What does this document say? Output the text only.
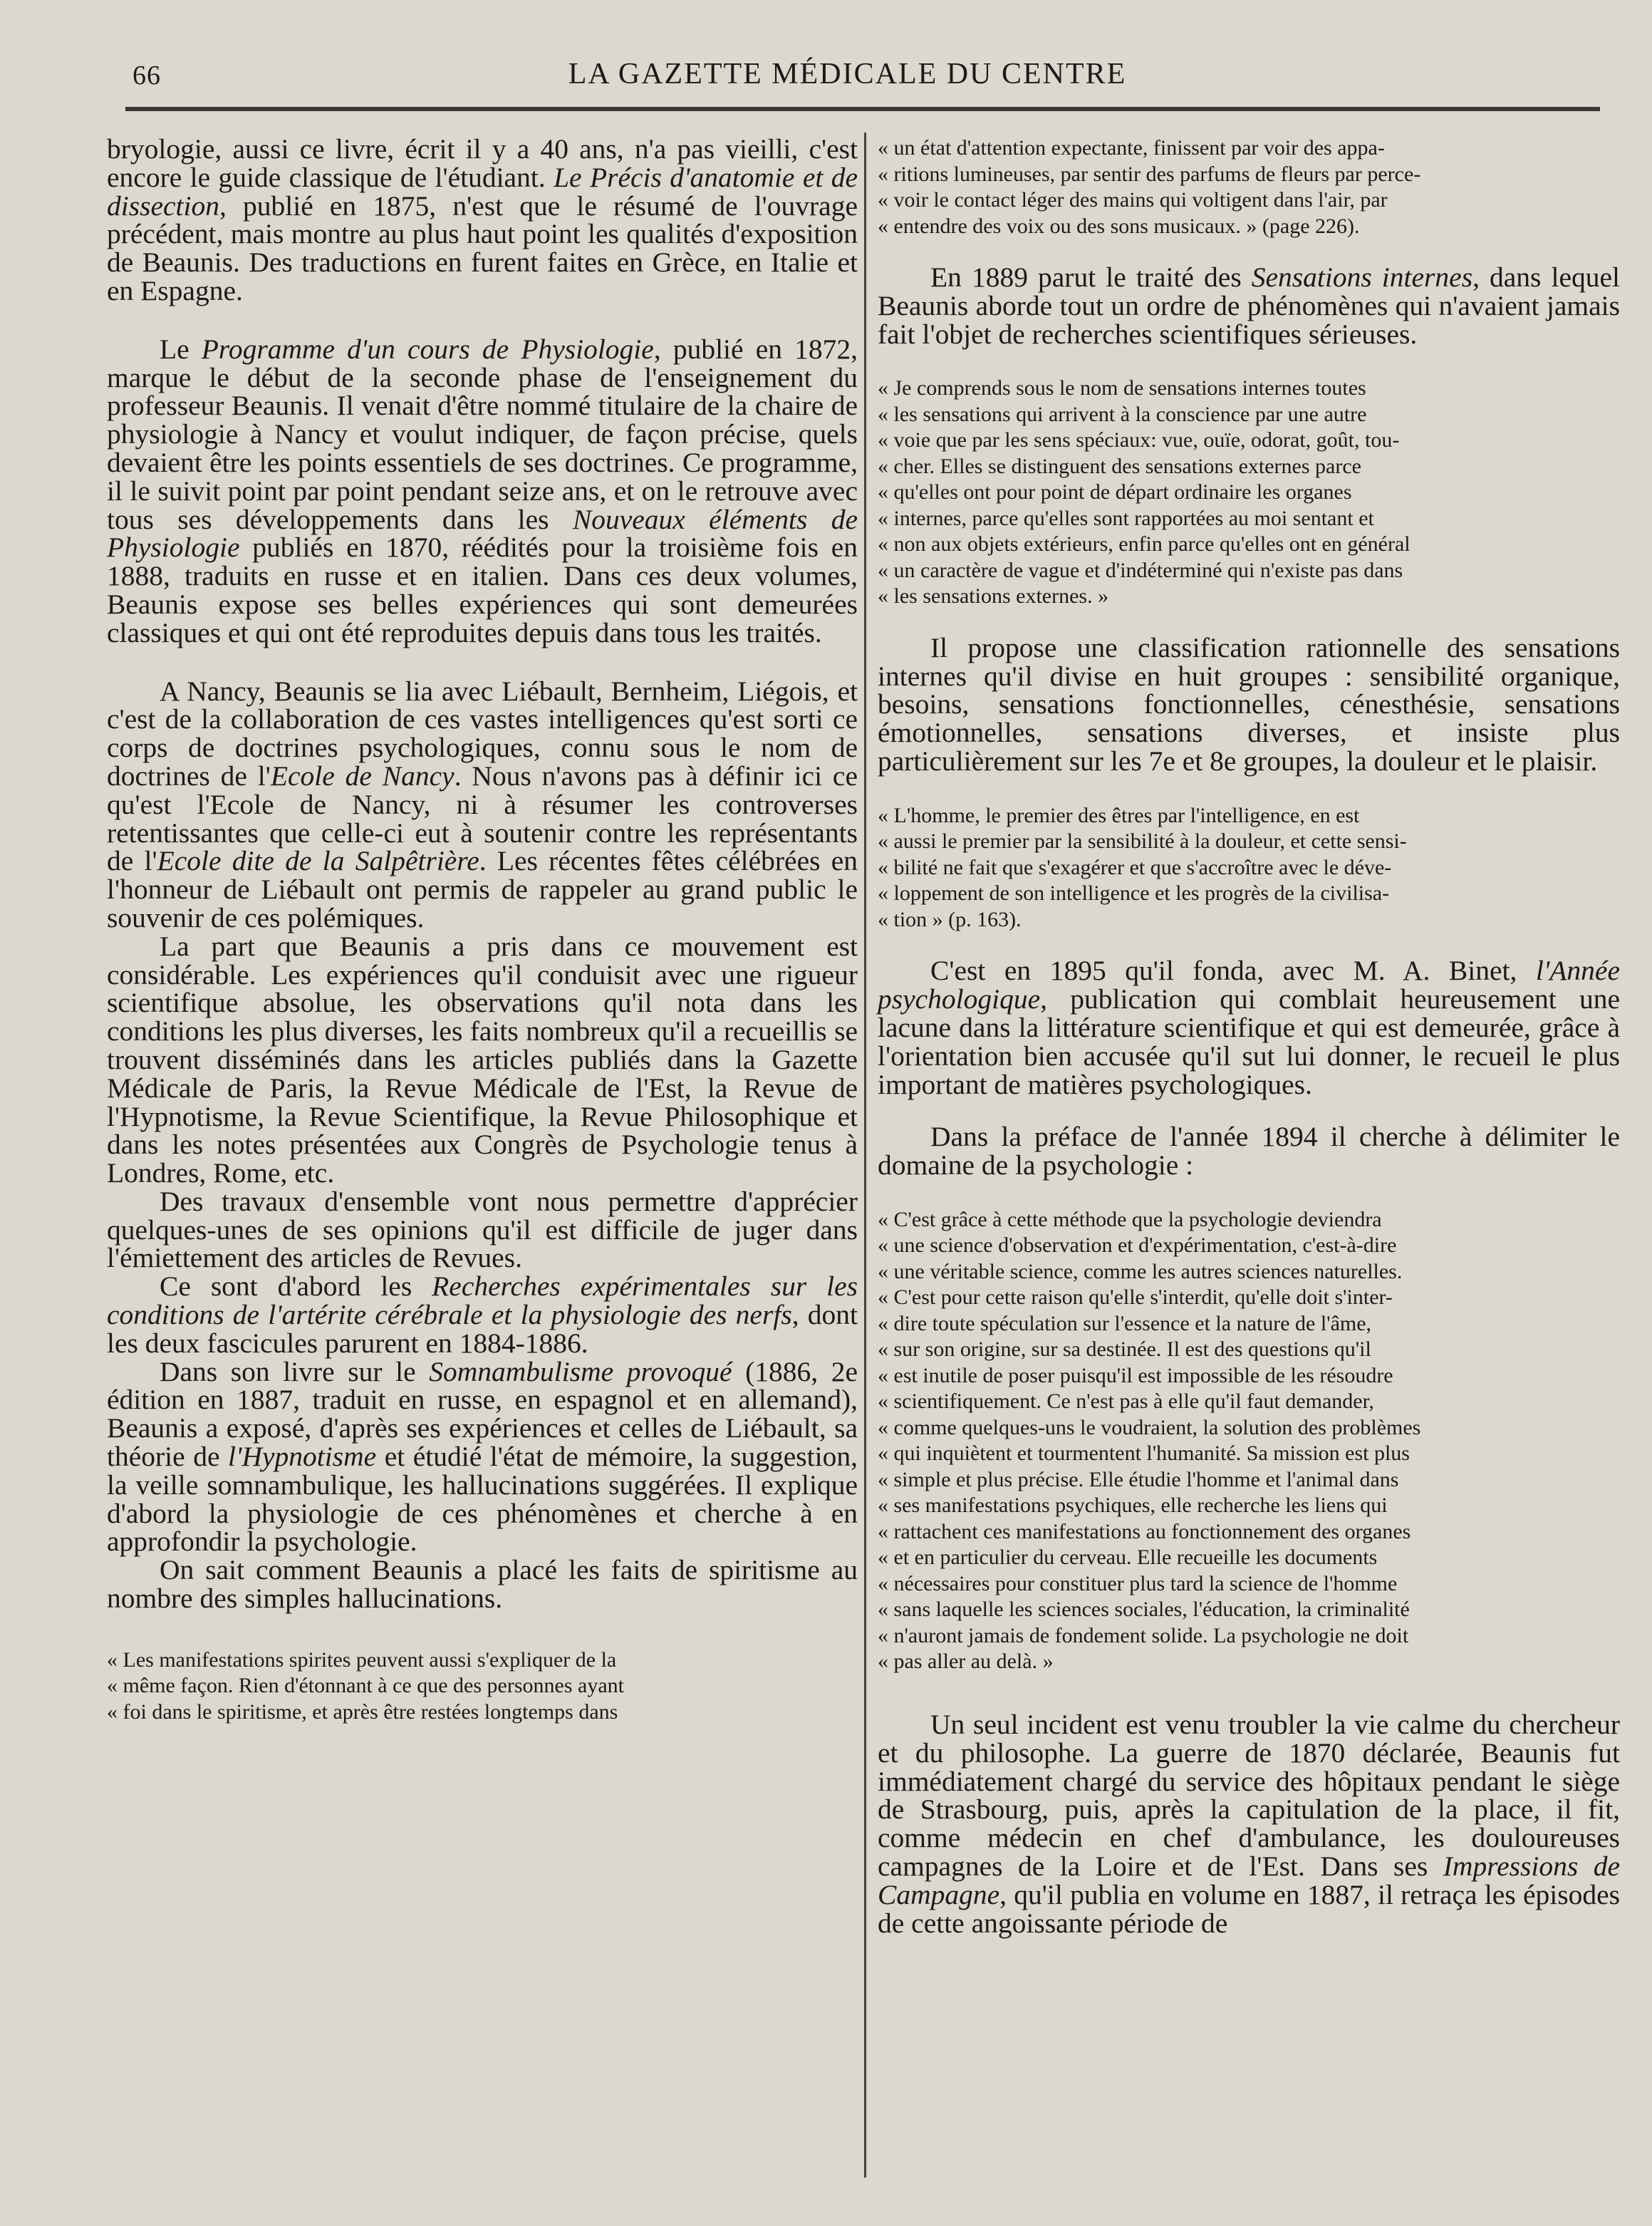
66	LA GAZETTE MÉDICALE DU CENTRE

bryologie, aussi ce livre, écrit il y a 40 ans, n'a pas vieilli, c'est encore le guide classique de l'étudiant. Le Précis d'anatomie et de dissection, publié en 1875, n'est que le résumé de l'ouvrage précédent, mais montre au plus haut point les qualités d'exposition de Beaunis. Des traductions en furent faites en Grèce, en Italie et en Espagne.

Le Programme d'un cours de Physiologie, publié en 1872, marque le début de la seconde phase de l'enseignement du professeur Beaunis. Il venait d'être nommé titulaire de la chaire de physiologie à Nancy et voulut indiquer, de façon précise, quels devaient être les points essentiels de ses doctrines. Ce programme, il le suivit point par point pendant seize ans, et on le retrouve avec tous ses développements dans les Nouveaux éléments de Physiologie publiés en 1870, réédités pour la troisième fois en 1888, traduits en russe et en italien. Dans ces deux volumes, Beaunis expose ses belles expériences qui sont demeurées classiques et qui ont été reproduites depuis dans tous les traités.

A Nancy, Beaunis se lia avec Liébault, Bernheim, Liégois, et c'est de la collaboration de ces vastes intelligences qu'est sorti ce corps de doctrines psychologiques, connu sous le nom de doctrines de l'Ecole de Nancy. Nous n'avons pas à définir ici ce qu'est l'Ecole de Nancy, ni à résumer les controverses retentissantes que celle-ci eut à soutenir contre les représentants de l'Ecole dite de la Salpêtrière. Les récentes fêtes célébrées en l'honneur de Liébault ont permis de rappeler au grand public le souvenir de ces polémiques.

La part que Beaunis a pris dans ce mouvement est considérable. Les expériences qu'il conduisit avec une rigueur scientifique absolue, les observations qu'il nota dans les conditions les plus diverses, les faits nombreux qu'il a recueillis se trouvent disséminés dans les articles publiés dans la Gazette Médicale de Paris, la Revue Médicale de l'Est, la Revue de l'Hypnotisme, la Revue Scientifique, la Revue Philosophique et dans les notes présentées aux Congrès de Psychologie tenus à Londres, Rome, etc.

Des travaux d'ensemble vont nous permettre d'apprécier quelques-unes de ses opinions qu'il est difficile de juger dans l'émiettement des articles de Revues.

Ce sont d'abord les Recherches expérimentales sur les conditions de l'artérite cérébrale et la physiologie des nerfs, dont les deux fascicules parurent en 1884-1886.

Dans son livre sur le Somnambulisme provoqué (1886, 2e édition en 1887, traduit en russe, en espagnol et en allemand), Beaunis a exposé, d'après ses expériences et celles de Liébault, sa théorie de l'Hypnotisme et étudié l'état de mémoire, la suggestion, la veille somnambulique, les hallucinations suggérées. Il explique d'abord la physiologie de ces phénomènes et cherche à en approfondir la psychologie.

On sait comment Beaunis a placé les faits de spiritisme au nombre des simples hallucinations.

« Les manifestations spirites peuvent aussi s'expliquer de la
« même façon. Rien d'étonnant à ce que des personnes ayant
« foi dans le spiritisme, et après être restées longtemps dans
« un état d'attention expectante, finissent par voir des appa-
« ritions lumineuses, par sentir des parfums de fleurs par perce-
« voir le contact léger des mains qui voltigent dans l'air, par
« entendre des voix ou des sons musicaux. » (page 226).

En 1889 parut le traité des Sensations internes, dans lequel Beaunis aborde tout un ordre de phénomènes qui n'avaient jamais fait l'objet de recherches scientifiques sérieuses.

« Je comprends sous le nom de sensations internes toutes
« les sensations qui arrivent à la conscience par une autre
« voie que par les sens spéciaux: vue, ouïe, odorat, goût, tou-
« cher. Elles se distinguent des sensations externes parce
« qu'elles ont pour point de départ ordinaire les organes
« internes, parce qu'elles sont rapportées au moi sentant et
« non aux objets extérieurs, enfin parce qu'elles ont en général
« un caractère de vague et d'indéterminé qui n'existe pas dans
« les sensations externes. »

Il propose une classification rationnelle des sensations internes qu'il divise en huit groupes : sensibilité organique, besoins, sensations fonctionnelles, cénesthésie, sensations émotionnelles, sensations diverses, et insiste plus particulièrement sur les 7e et 8e groupes, la douleur et le plaisir.

« L'homme, le premier des êtres par l'intelligence, en est
« aussi le premier par la sensibilité à la douleur, et cette sensi-
« bilité ne fait que s'exagérer et que s'accroître avec le déve-
« loppement de son intelligence et les progrès de la civilisa-
« tion » (p. 163).

C'est en 1895 qu'il fonda, avec M. A. Binet, l'Année psychologique, publication qui comblait heureusement une lacune dans la littérature scientifique et qui est demeurée, grâce à l'orientation bien accusée qu'il sut lui donner, le recueil le plus important de matières psychologiques.

Dans la préface de l'année 1894 il cherche à délimiter le domaine de la psychologie :

« C'est grâce à cette méthode que la psychologie deviendra
« une science d'observation et d'expérimentation, c'est-à-dire
« une véritable science, comme les autres sciences naturelles.
« C'est pour cette raison qu'elle s'interdit, qu'elle doit s'inter-
« dire toute spéculation sur l'essence et la nature de l'âme,
« sur son origine, sur sa destinée. Il est des questions qu'il
« est inutile de poser puisqu'il est impossible de les résoudre
« scientifiquement. Ce n'est pas à elle qu'il faut demander,
« comme quelques-uns le voudraient, la solution des problèmes
« qui inquiètent et tourmentent l'humanité. Sa mission est plus
« simple et plus précise. Elle étudie l'homme et l'animal dans
« ses manifestations psychiques, elle recherche les liens qui
« rattachent ces manifestations au fonctionnement des organes
« et en particulier du cerveau. Elle recueille les documents
« nécessaires pour constituer plus tard la science de l'homme
« sans laquelle les sciences sociales, l'éducation, la criminalité
« n'auront jamais de fondement solide. La psychologie ne doit
« pas aller au delà. »

Un seul incident est venu troubler la vie calme du chercheur et du philosophe. La guerre de 1870 déclarée, Beaunis fut immédiatement chargé du service des hôpitaux pendant le siège de Strasbourg, puis, après la capitulation de la place, il fit, comme médecin en chef d'ambulance, les douloureuses campagnes de la Loire et de l'Est. Dans ses Impressions de Campagne, qu'il publia en volume en 1887, il retraça les épisodes de cette angoissante période de
